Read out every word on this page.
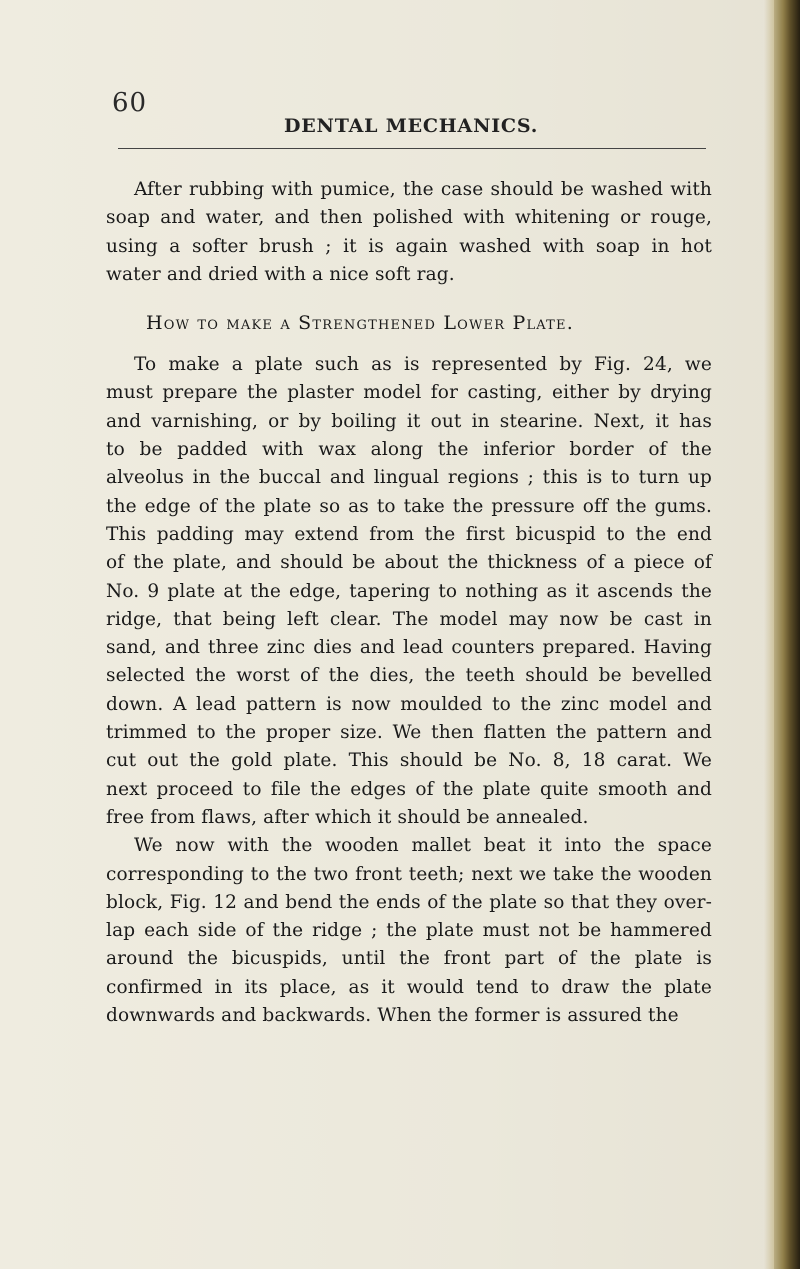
60
DENTAL MECHANICS.
After rubbing with pumice, the case should be washed with
soap and water, and then polished with whitening or rouge,
using a softer brush ; it is again washed with soap in hot
water and dried with a nice soft rag.
How to make a Strengthened Lower Plate.
To make a plate such as is represented by Fig. 24, we
must prepare the plaster model for casting, either by drying
and varnishing, or by boiling it out in stearine. Next, it has
to be padded with wax along the inferior border of the
alveolus in the buccal and lingual regions ; this is to turn up
the edge of the plate so as to take the pressure off the gums.
This padding may extend from the first bicuspid to the end
of the plate, and should be about the thickness of a piece of
No. 9 plate at the edge, tapering to nothing as it ascends the
ridge, that being left clear. The model may now be cast in
sand, and three zinc dies and lead counters prepared. Having
selected the worst of the dies, the teeth should be bevelled
down. A lead pattern is now moulded to the zinc model and
trimmed to the proper size. We then flatten the pattern and
cut out the gold plate. This should be No. 8, 18 carat. We
next proceed to file the edges of the plate quite smooth and
free from flaws, after which it should be annealed.
We now with the wooden mallet beat it into the space
corresponding to the two front teeth; next we take the wooden
block, Fig. 12 and bend the ends of the plate so that they over-
lap each side of the ridge ; the plate must not be hammered
around the bicuspids, until the front part of the plate is
confirmed in its place, as it would tend to draw the plate
downwards and backwards. When the former is assured the
